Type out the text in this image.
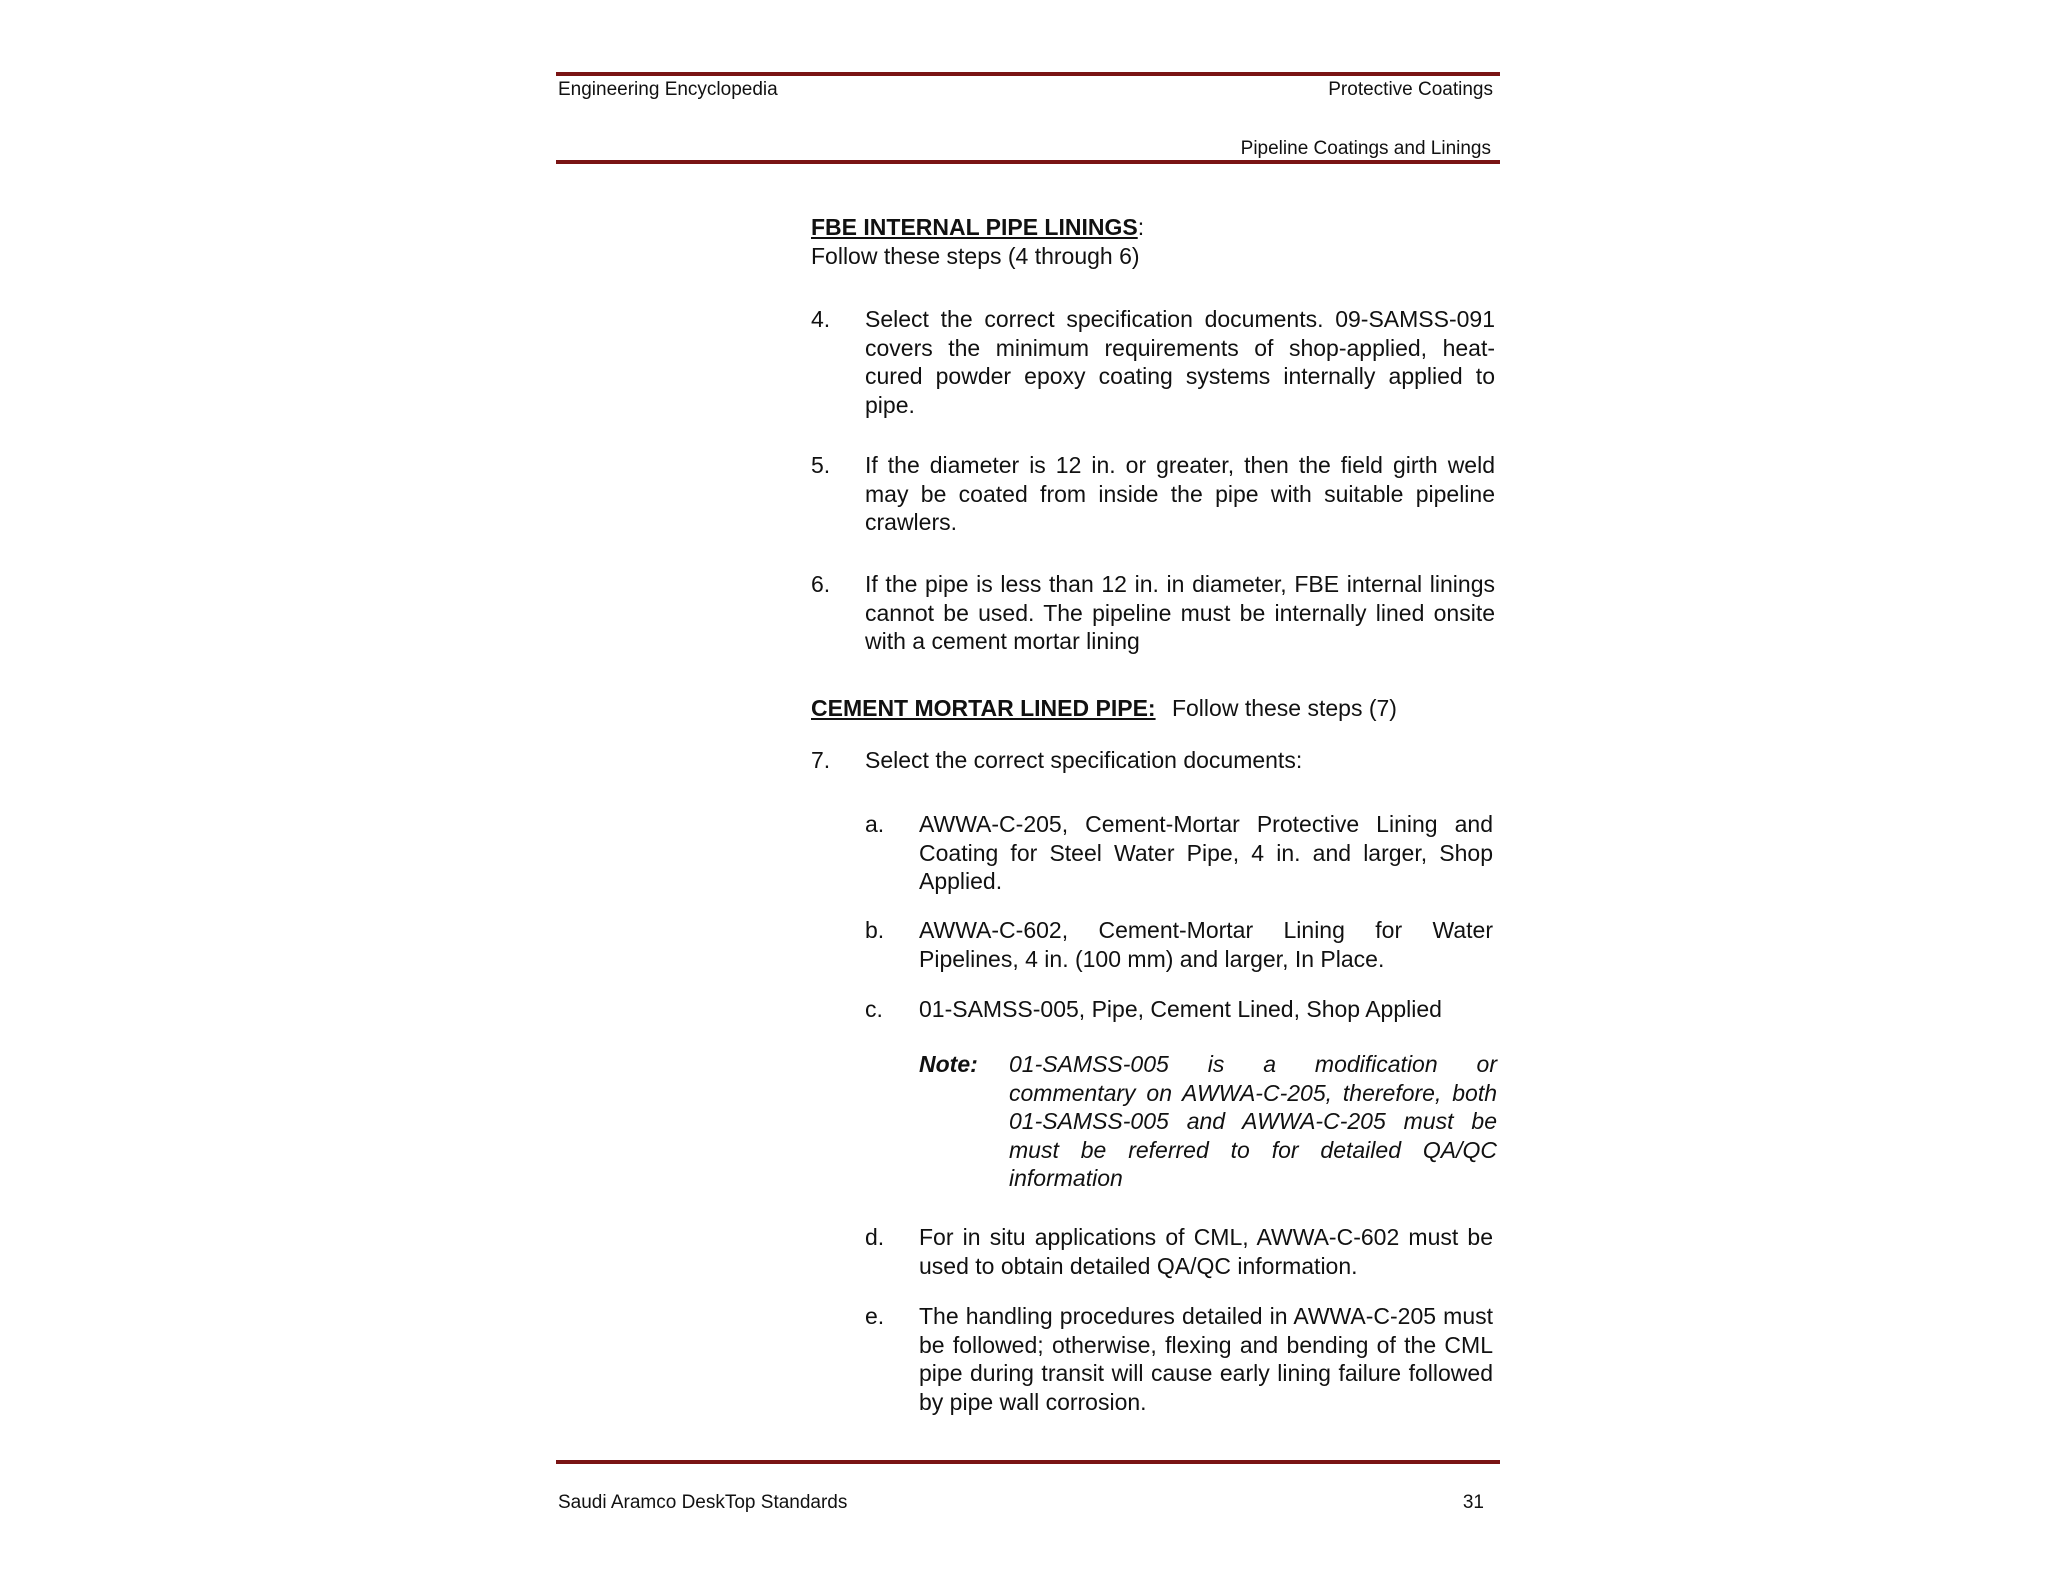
Engineering Encyclopedia	Protective Coatings
Pipeline Coatings and Linings
FBE INTERNAL PIPE LININGS:
Follow these steps (4 through 6)
4. Select the correct specification documents. 09-SAMSS-091 covers the minimum requirements of shop-applied, heat-cured powder epoxy coating systems internally applied to pipe.
5. If the diameter is 12 in. or greater, then the field girth weld may be coated from inside the pipe with suitable pipeline crawlers.
6. If the pipe is less than 12 in. in diameter, FBE internal linings cannot be used. The pipeline must be internally lined onsite with a cement mortar lining
CEMENT MORTAR LINED PIPE: Follow these steps (7)
7. Select the correct specification documents:
a. AWWA-C-205, Cement-Mortar Protective Lining and Coating for Steel Water Pipe, 4 in. and larger, Shop Applied.
b. AWWA-C-602, Cement-Mortar Lining for Water Pipelines, 4 in. (100 mm) and larger, In Place.
c. 01-SAMSS-005, Pipe, Cement Lined, Shop Applied
Note: 01-SAMSS-005 is a modification or commentary on AWWA-C-205, therefore, both 01-SAMSS-005 and AWWA-C-205 must be must be referred to for detailed QA/QC information
d. For in situ applications of CML, AWWA-C-602 must be used to obtain detailed QA/QC information.
e. The handling procedures detailed in AWWA-C-205 must be followed; otherwise, flexing and bending of the CML pipe during transit will cause early lining failure followed by pipe wall corrosion.
Saudi Aramco DeskTop Standards	31
